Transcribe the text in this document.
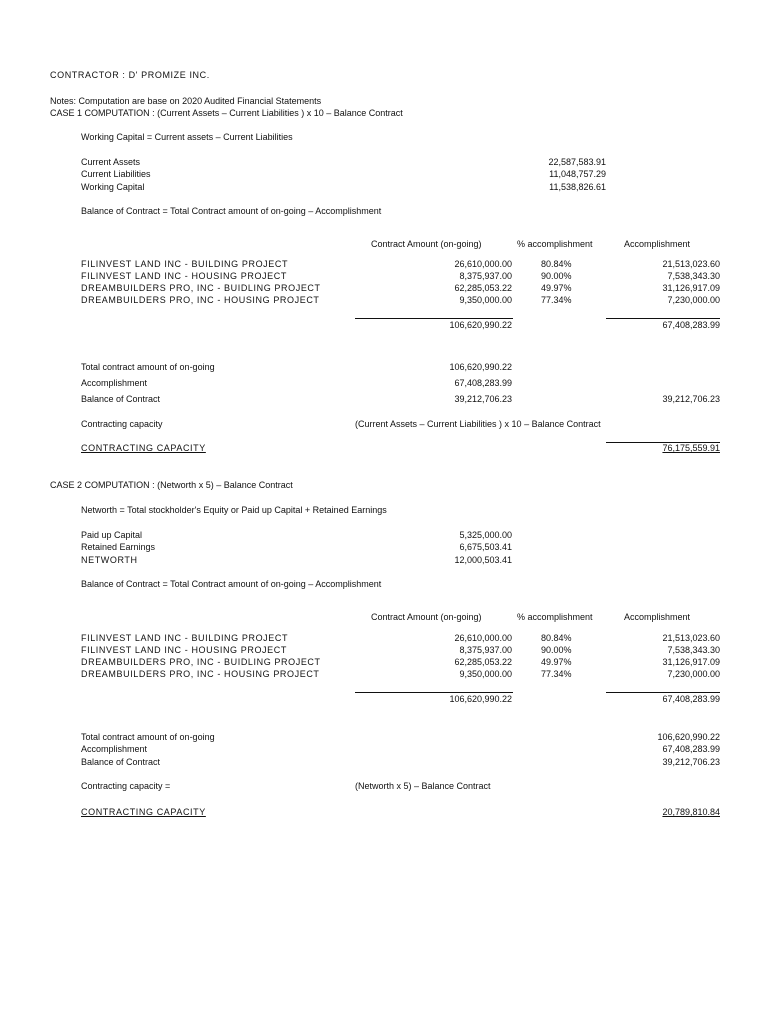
CONTRACTOR : D' PROMIZE INC.
Notes: Computation are base on 2020 Audited Financial Statements
CASE 1 COMPUTATION : (Current Assets – Current Liabilities ) x 10 – Balance Contract
Working Capital = Current assets – Current Liabilities
Current Assets	22,587,583.91
Current Liabilities	11,048,757.29
Working Capital	11,538,826.61
Balance of Contract = Total Contract amount of on-going – Accomplishment
Contract Amount (on-going)	% accomplishment	Accomplishment
FILINVEST LAND INC - BUILDING PROJECT	26,610,000.00	80.84%	21,513,023.60
FILINVEST LAND INC - HOUSING PROJECT	8,375,937.00	90.00%	7,538,343.30
DREAMBUILDERS PRO, INC - BUIDLING PROJECT	62,285,053.22	49.97%	31,126,917.09
DREAMBUILDERS PRO, INC - HOUSING PROJECT	9,350,000.00	77.34%	7,230,000.00
106,620,990.22	67,408,283.99
Total contract amount of on-going	106,620,990.22
Accomplishment	67,408,283.99
Balance of Contract	39,212,706.23	39,212,706.23
Contracting capacity	(Current Assets – Current Liabilities ) x 10 – Balance Contract
CONTRACTING CAPACITY	76,175,559.91
CASE 2 COMPUTATION : (Networth x 5) – Balance Contract
Networth = Total stockholder's Equity or Paid up Capital + Retained Earnings
Paid up Capital	5,325,000.00
Retained Earnings	6,675,503.41
NETWORTH	12,000,503.41
Balance of Contract = Total Contract amount of on-going – Accomplishment
Contract Amount (on-going)	% accomplishment	Accomplishment
FILINVEST LAND INC - BUILDING PROJECT	26,610,000.00	80.84%	21,513,023.60
FILINVEST LAND INC - HOUSING PROJECT	8,375,937.00	90.00%	7,538,343.30
DREAMBUILDERS PRO, INC - BUIDLING PROJECT	62,285,053.22	49.97%	31,126,917.09
DREAMBUILDERS PRO, INC - HOUSING PROJECT	9,350,000.00	77.34%	7,230,000.00
106,620,990.22	67,408,283.99
Total contract amount of on-going	106,620,990.22
Accomplishment	67,408,283.99
Balance of Contract	39,212,706.23
Contracting capacity =	(Networth x 5) – Balance Contract
CONTRACTING CAPACITY	20,789,810.84
